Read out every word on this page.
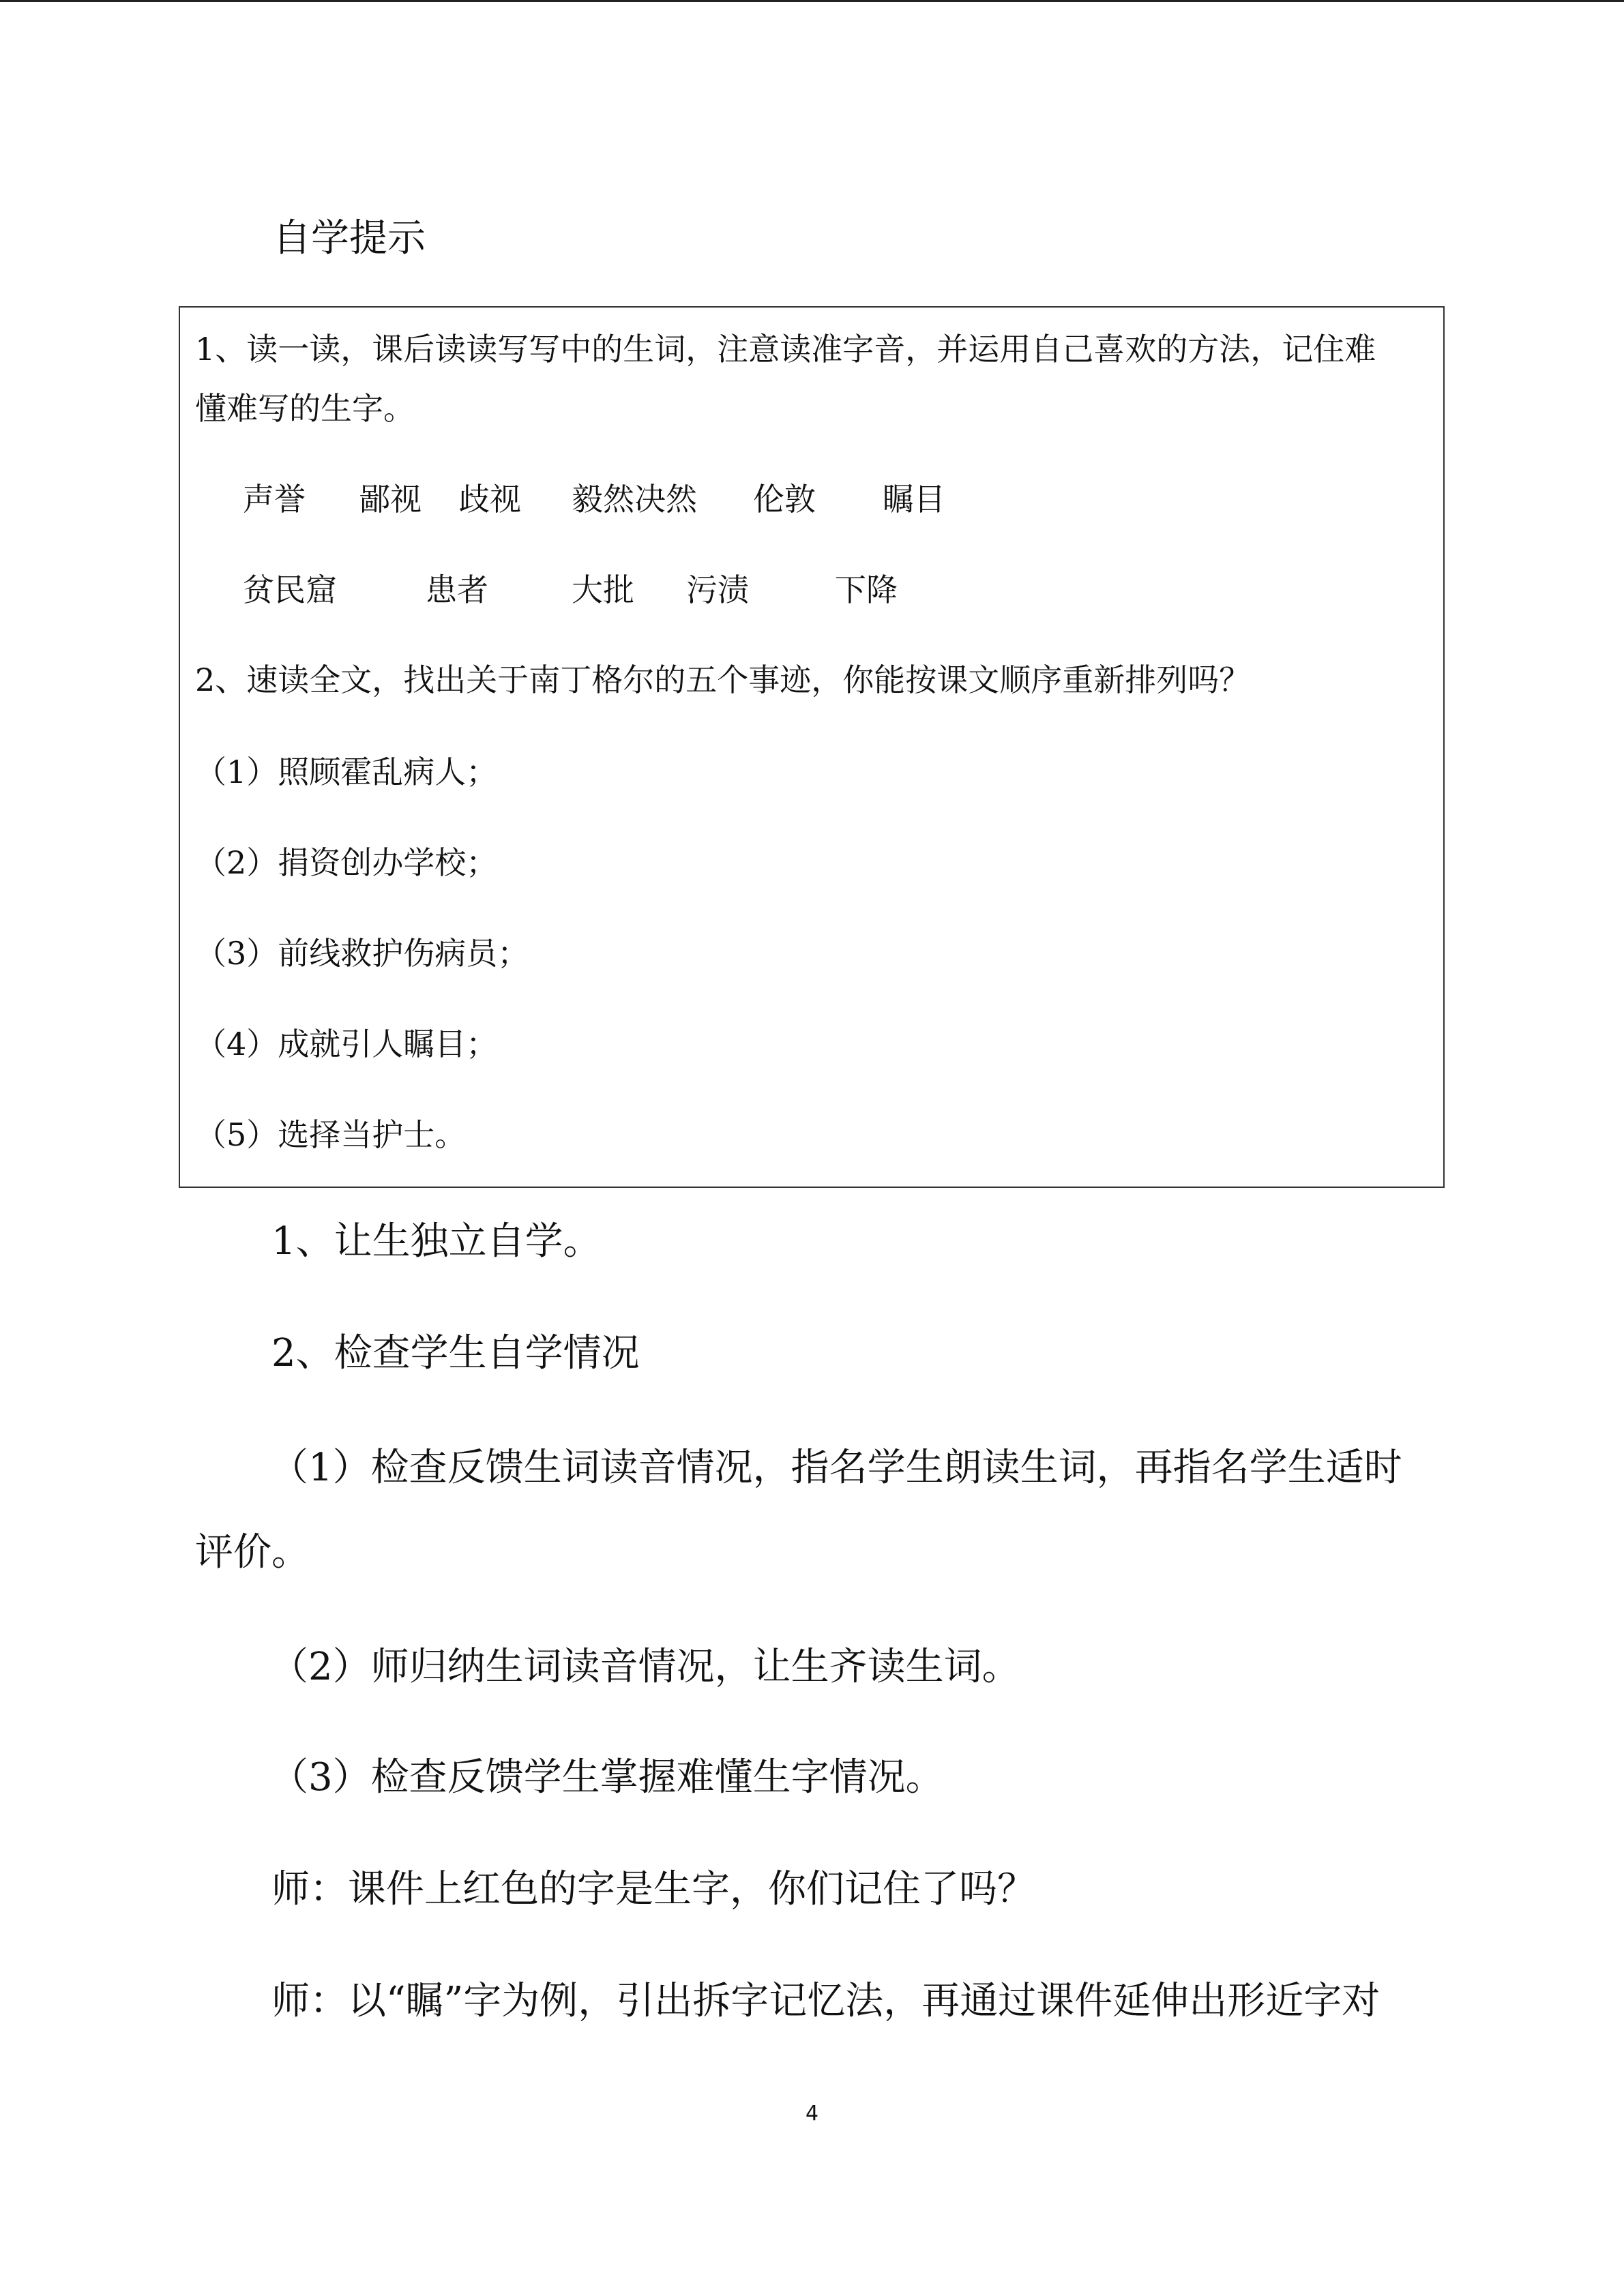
自学提示
1、读一读，课后读读写写中的生词，注意读准字音，并运用自己喜欢的方法，记住难
懂难写的生字。
声誉 鄙视 歧视 毅然决然 伦敦 瞩目
贫民窟	患者	大批 污渍	下降
2、速读全文，找出关于南丁格尔的五个事迹，你能按课文顺序重新排列吗？
（1）照顾霍乱病人；
（2）捐资创办学校；
（3）前线救护伤病员；
（4）成就引人瞩目；
（5）选择当护士。
1、让生独立自学。
2、检查学生自学情况
（1）检查反馈生词读音情况，指名学生朗读生词，再指名学生适时
评价。
（2）师归纳生词读音情况，让生齐读生词。
（3）检查反馈学生掌握难懂生字情况。
师：课件上红色的字是生字，你们记住了吗？
师：以“瞩”字为例，引出拆字记忆法，再通过课件延伸出形近字对
4
